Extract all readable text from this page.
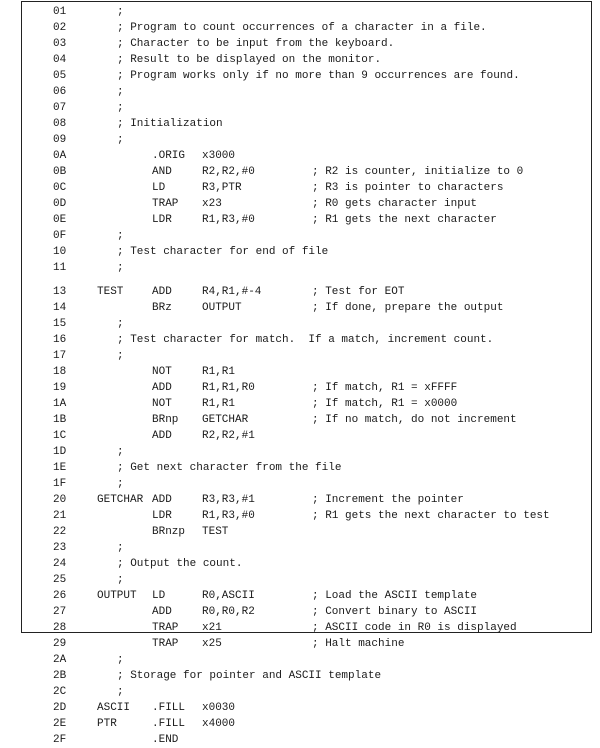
01	;
02	; Program to count occurrences of a character in a file.
03	; Character to be input from the keyboard.
04	; Result to be displayed on the monitor.
05	; Program works only if no more than 9 occurrences are found.
06	;
07	;
08	; Initialization
09	;
0A	.ORIG x3000
0B	AND	R2,R2,#0	; R2 is counter, initialize to 0
0C	LD	R3,PTR	; R3 is pointer to characters
0D	TRAP x23	; R0 gets character input
0E	LDR	R1,R3,#0	; R1 gets the next character
0F	;
10	; Test character for end of file
11	;
13	TEST	ADD	R4,R1,#-4	; Test for EOT
14	BRz	OUTPUT	; If done, prepare the output
15	;
16	; Test character for match.  If a match, increment count.
17	;
18	NOT	R1,R1
19	ADD	R1,R1,R0	; If match, R1 = xFFFF
1A	NOT	R1,R1	; If match, R1 = x0000
1B	BRnp GETCHAR	; If no match, do not increment
1C	ADD	R2,R2,#1
1D	;
1E	; Get next character from the file
1F	;
20	GETCHAR ADD	R3,R3,#1	; Increment the pointer
21	LDR	R1,R3,#0	; R1 gets the next character to test
22	BRnzp TEST
23	;
24	; Output the count.
25	;
26	OUTPUT LD	R0,ASCII	; Load the ASCII template
27	ADD	R0,R0,R2	; Convert binary to ASCII
28	TRAP x21	; ASCII code in R0 is displayed
29	TRAP x25	; Halt machine
2A	;
2B	; Storage for pointer and ASCII template
2C	;
2D	ASCII .FILL x0030
2E	PTR	.FILL x4000
2F	.END
